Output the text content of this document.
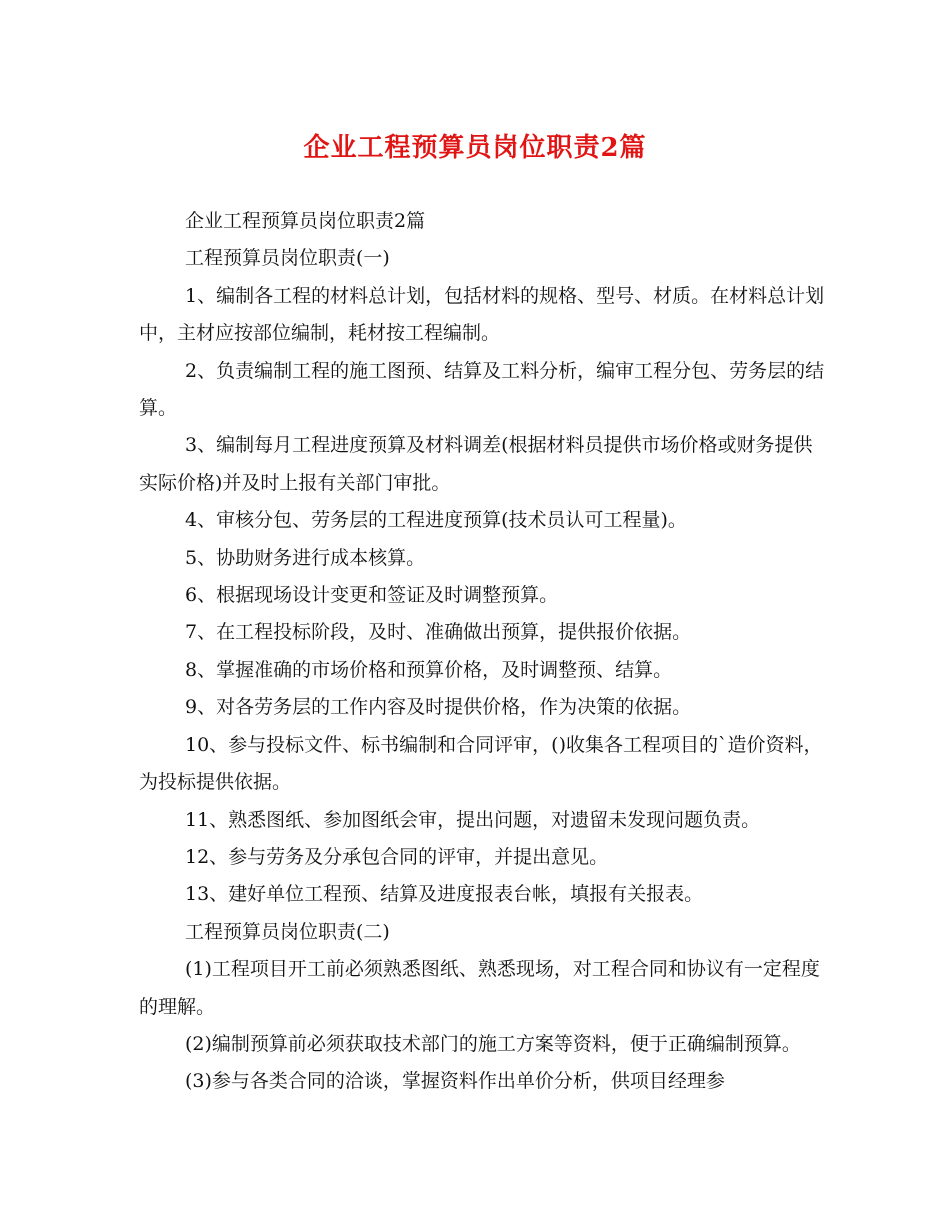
企业工程预算员岗位职责2篇

企业工程预算员岗位职责2篇

工程预算员岗位职责(一)

1、编制各工程的材料总计划，包括材料的规格、型号、材质。在材料总计划中，主材应按部位编制，耗材按工程编制。

2、负责编制工程的施工图预、结算及工料分析，编审工程分包、劳务层的结算。

3、编制每月工程进度预算及材料调差(根据材料员提供市场价格或财务提供实际价格)并及时上报有关部门审批。

4、审核分包、劳务层的工程进度预算(技术员认可工程量)。

5、协助财务进行成本核算。

6、根据现场设计变更和签证及时调整预算。

7、在工程投标阶段，及时、准确做出预算，提供报价依据。

8、掌握准确的市场价格和预算价格，及时调整预、结算。

9、对各劳务层的工作内容及时提供价格，作为决策的依据。

10、参与投标文件、标书编制和合同评审，()收集各工程项目的`造价资料，为投标提供依据。

11、熟悉图纸、参加图纸会审，提出问题，对遗留未发现问题负责。

12、参与劳务及分承包合同的评审，并提出意见。

13、建好单位工程预、结算及进度报表台帐，填报有关报表。

工程预算员岗位职责(二)

(1)工程项目开工前必须熟悉图纸、熟悉现场，对工程合同和协议有一定程度的理解。

(2)编制预算前必须获取技术部门的施工方案等资料，便于正确编制预算。

(3)参与各类合同的洽谈，掌握资料作出单价分析，供项目经理参
